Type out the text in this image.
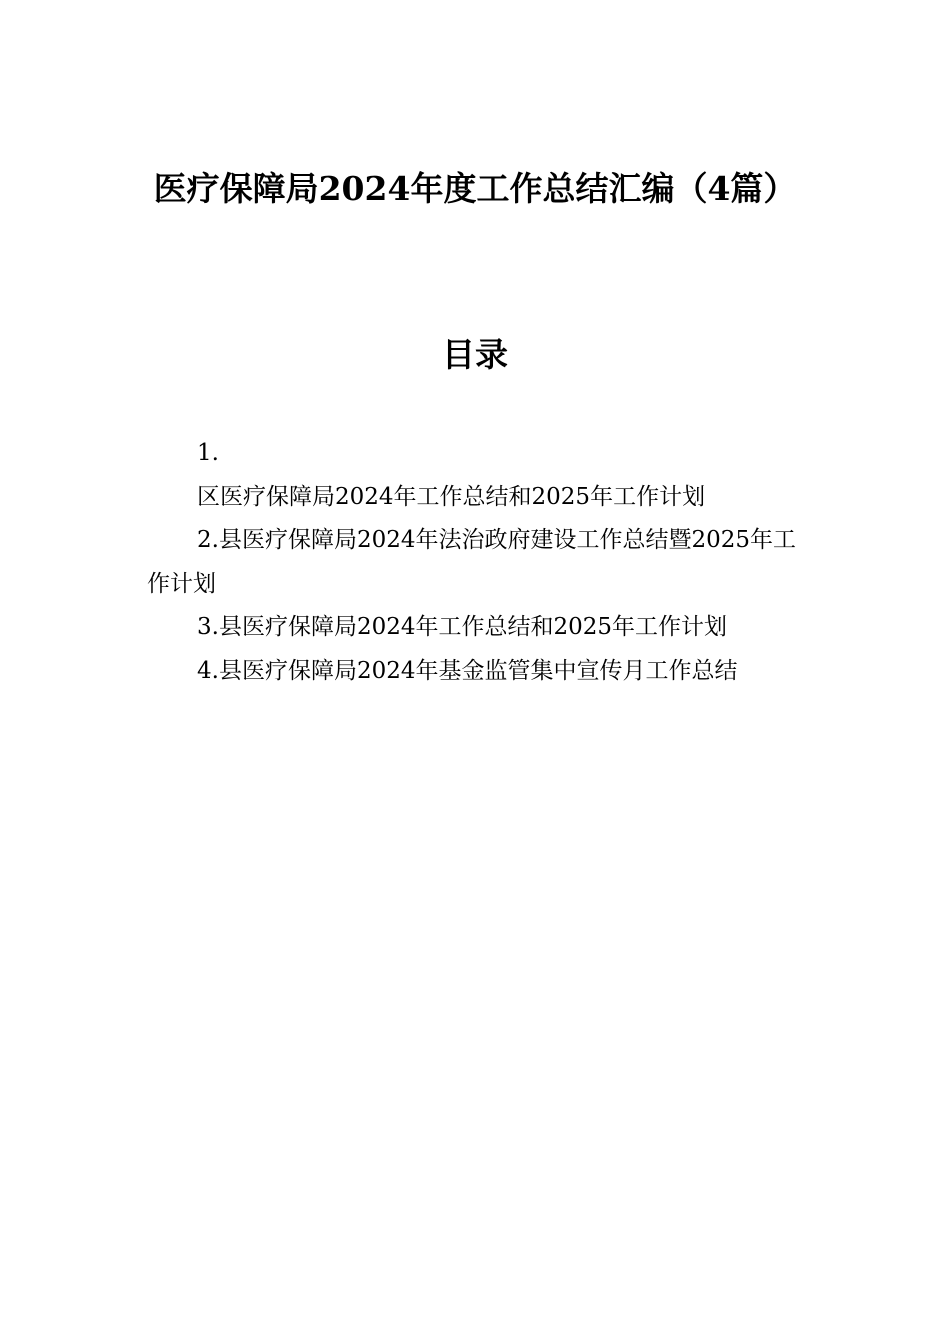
医疗保障局2024年度工作总结汇编（4篇）
目录
1.
区医疗保障局2024年工作总结和2025年工作计划
2.县医疗保障局2024年法治政府建设工作总结暨2025年工作计划
3.县医疗保障局2024年工作总结和2025年工作计划
4.县医疗保障局2024年基金监管集中宣传月工作总结
